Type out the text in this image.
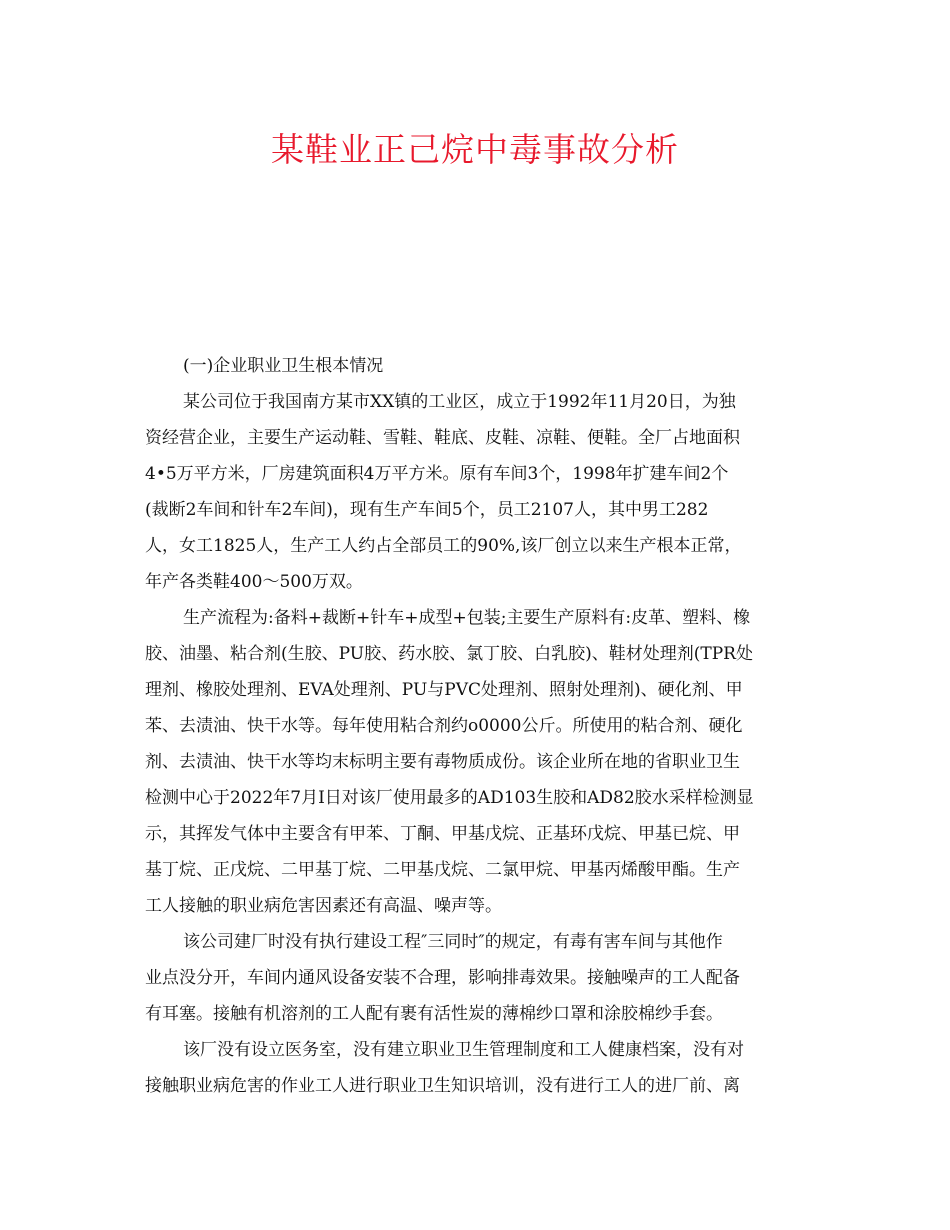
某鞋业正己烷中毒事故分析

(一)企业职业卫生根本情况

某公司位于我国南方某市XX镇的工业区，成立于1992年11月20日，为独

资经营企业，主要生产运动鞋、雪鞋、鞋底、皮鞋、凉鞋、便鞋。全厂占地面积

4•5万平方米，厂房建筑面积4万平方米。原有车间3个，1998年扩建车间2个

(裁断2车间和针车2车间)，现有生产车间5个，员工2107人，其中男工282

人，女工1825人，生产工人约占全部员工的90%,该厂创立以来生产根本正常，

年产各类鞋400～500万双。

生产流程为:备料+裁断+针车+成型+包装;主要生产原料有:皮革、塑料、橡

胶、油墨、粘合剂(生胶、PU胶、药水胶、氯丁胶、白乳胶)、鞋材处理剂(TPR处

理剂、橡胶处理剂、EVA处理剂、PU与PVC处理剂、照射处理剂)、硬化剂、甲

苯、去渍油、快干水等。每年使用粘合剂约o0000公斤。所使用的粘合剂、硬化

剂、去渍油、快干水等均末标明主要有毒物质成份。该企业所在地的省职业卫生

检测中心于2022年7月I日对该厂使用最多的AD103生胶和AD82胶水采样检测显

示，其挥发气体中主要含有甲苯、丁酮、甲基戊烷、正基环戊烷、甲基已烷、甲

基丁烷、正戊烷、二甲基丁烷、二甲基戊烷、二氯甲烷、甲基丙烯酸甲酯。生产

工人接触的职业病危害因素还有高温、噪声等。

该公司建厂时没有执行建设工程″三同时″的规定，有毒有害车间与其他作

业点没分开，车间内通风设备安装不合理，影响排毒效果。接触噪声的工人配备

有耳塞。接触有机溶剂的工人配有裹有活性炭的薄棉纱口罩和涂胶棉纱手套。

该厂没有设立医务室，没有建立职业卫生管理制度和工人健康档案，没有对

接触职业病危害的作业工人进行职业卫生知识培训，没有进行工人的进厂前、离
